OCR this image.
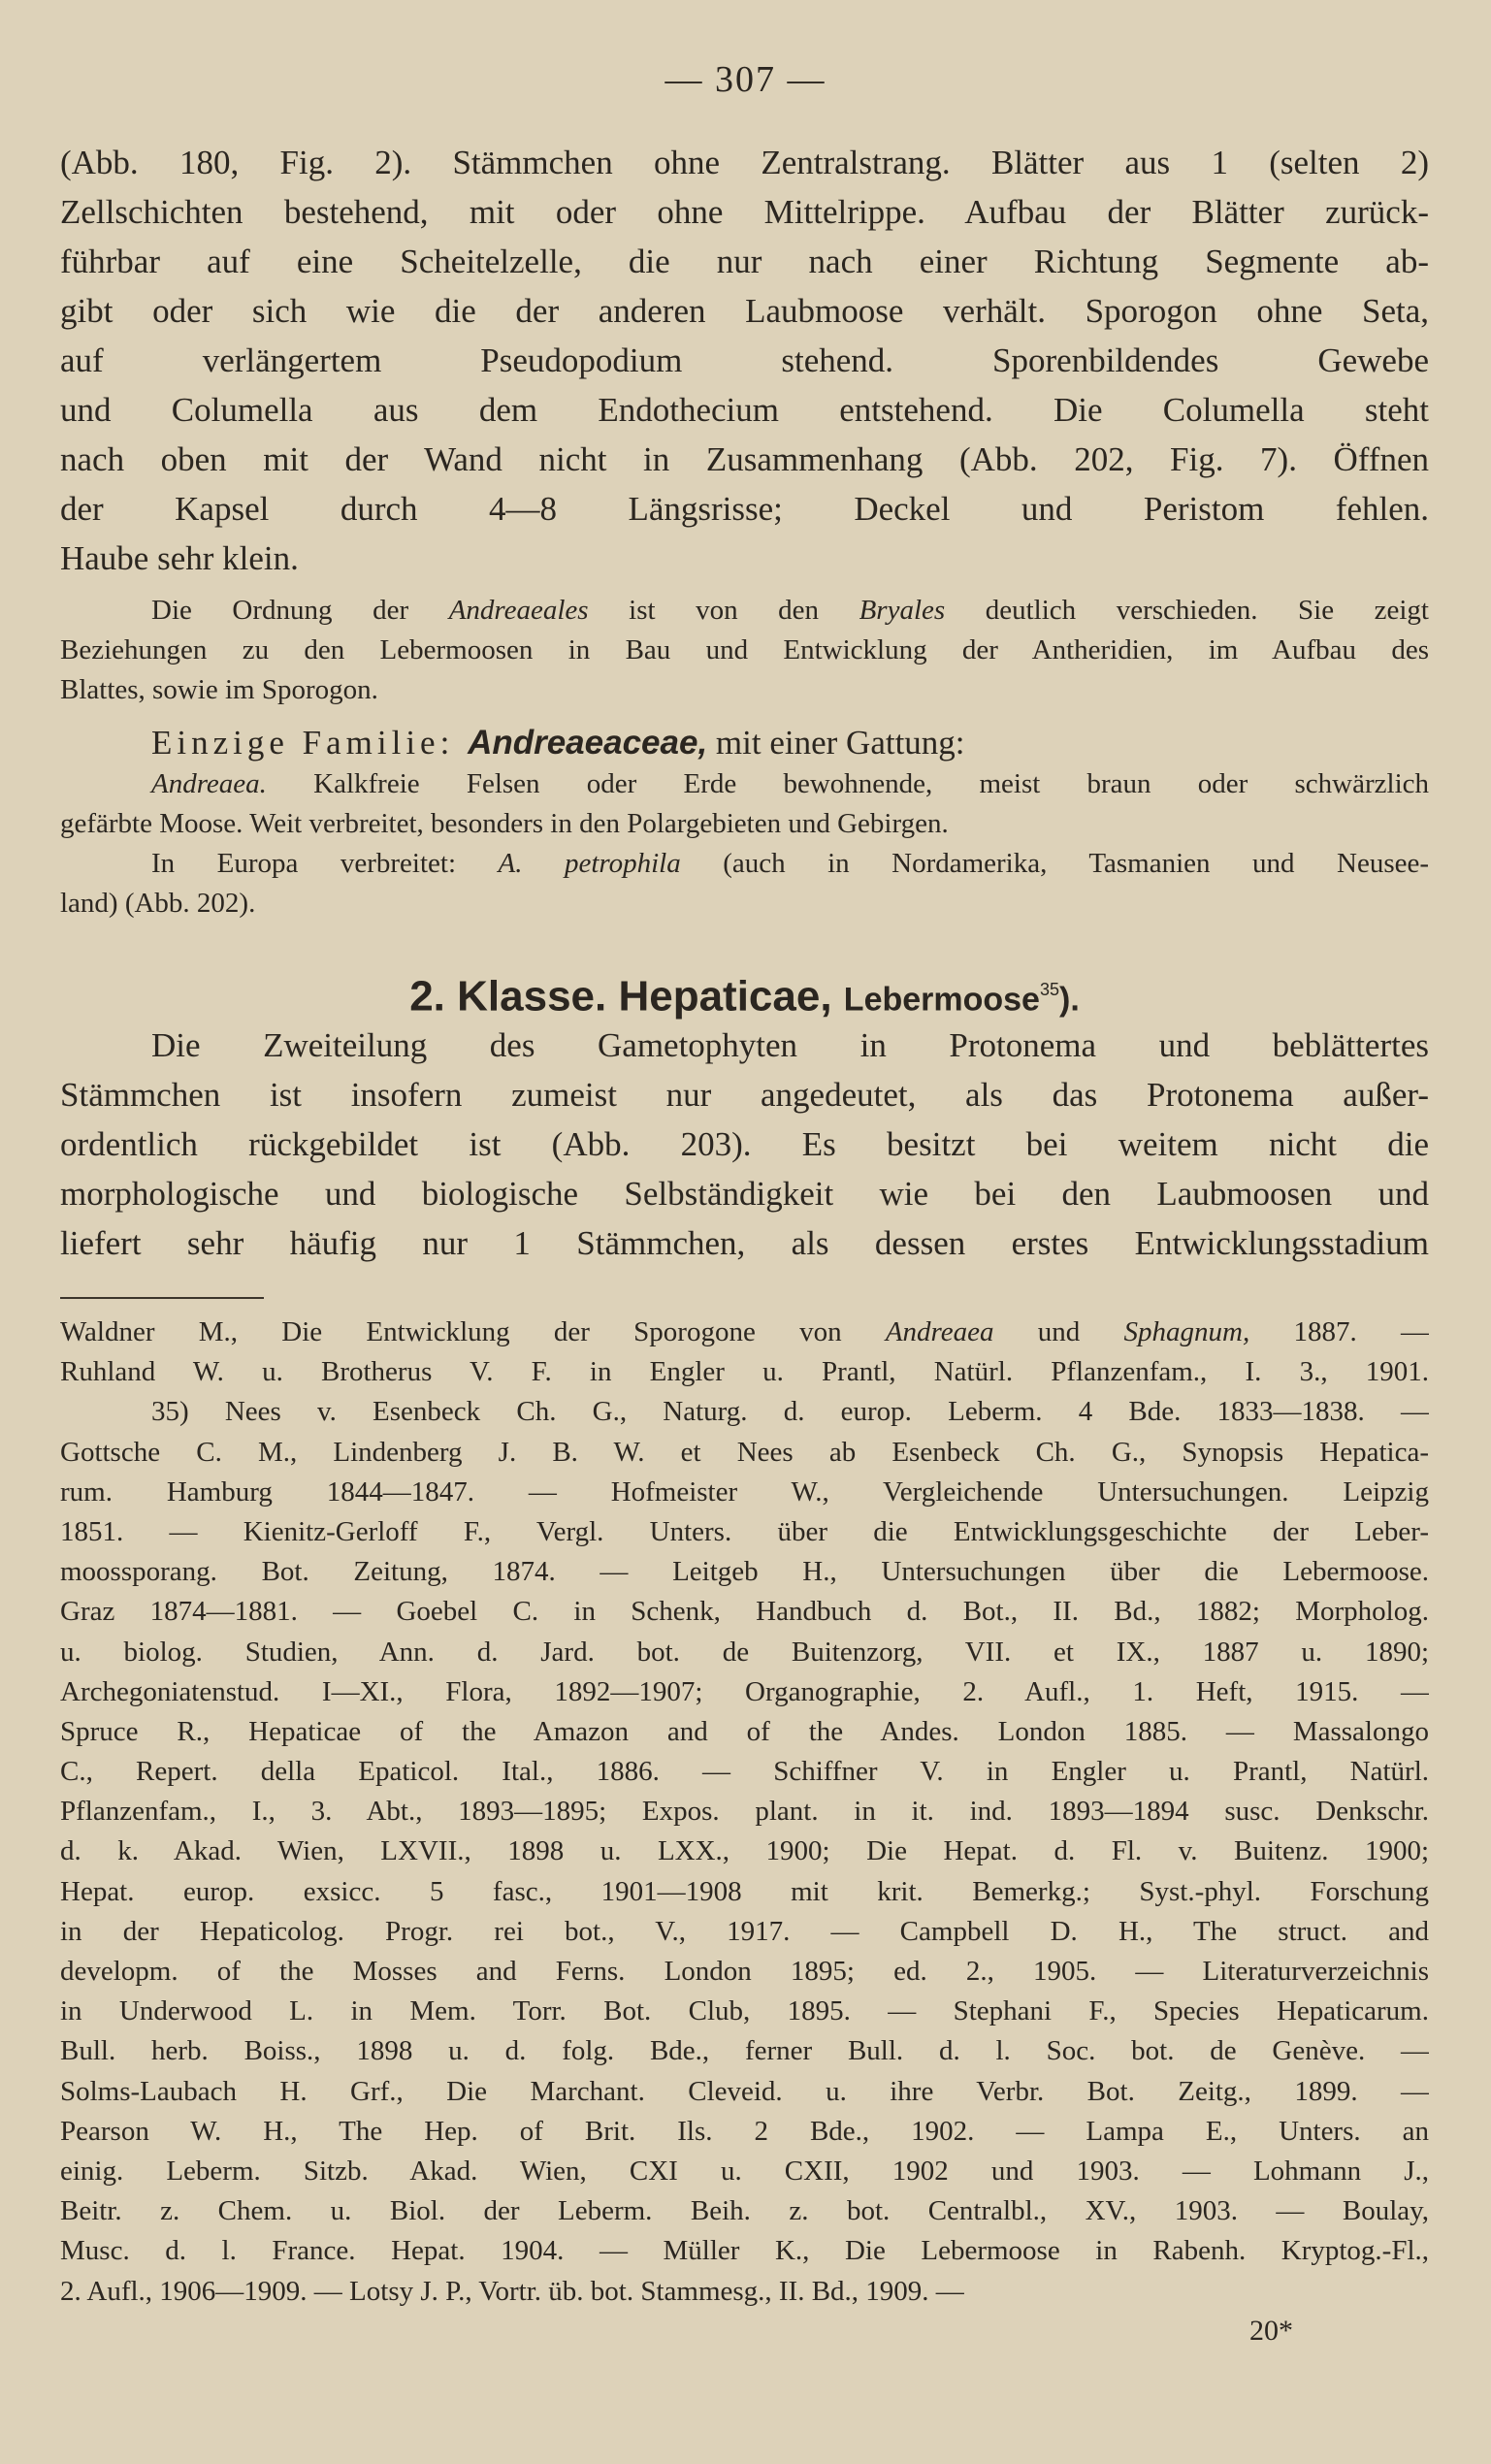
— 307 —
(Abb. 180, Fig. 2). Stämmchen ohne Zentralstrang. Blätter aus 1 (selten 2)
Zellschichten bestehend, mit oder ohne Mittelrippe. Aufbau der Blätter zurück-
führbar auf eine Scheitelzelle, die nur nach einer Richtung Segmente ab-
gibt oder sich wie die der anderen Laubmoose verhält. Sporogon ohne Seta,
auf verlängertem Pseudopodium stehend. Sporenbildendes Gewebe
und Columella aus dem Endothecium entstehend. Die Columella steht
nach oben mit der Wand nicht in Zusammenhang (Abb. 202, Fig. 7). Öffnen
der Kapsel durch 4—8 Längsrisse; Deckel und Peristom fehlen.
Haube sehr klein.
Die Ordnung der Andreaeales ist von den Bryales deutlich verschieden. Sie zeigt
Beziehungen zu den Lebermoosen in Bau und Entwicklung der Antheridien, im Aufbau des
Blattes, sowie im Sporogon.
Einzige Familie: Andreaeaceae, mit einer Gattung:
Andreaea. Kalkfreie Felsen oder Erde bewohnende, meist braun oder schwärzlich
gefärbte Moose. Weit verbreitet, besonders in den Polargebieten und Gebirgen.
In Europa verbreitet: A. petrophila (auch in Nordamerika, Tasmanien und Neusee-
land) (Abb. 202).
2. Klasse. Hepaticae, Lebermoose$^{35}$).
Die Zweiteilung des Gametophyten in Protonema und beblättertes
Stämmchen ist insofern zumeist nur angedeutet, als das Protonema außer-
ordentlich rückgebildet ist (Abb. 203). Es besitzt bei weitem nicht die
morphologische und biologische Selbständigkeit wie bei den Laubmoosen und
liefert sehr häufig nur 1 Stämmchen, als dessen erstes Entwicklungsstadium
Waldner M., Die Entwicklung der Sporogone von Andreaea und Sphagnum, 1887. —
Ruhland W. u. Brotherus V. F. in Engler u. Prantl, Natürl. Pflanzenfam., I. 3., 1901.
35) Nees v. Esenbeck Ch. G., Naturg. d. europ. Leberm. 4 Bde. 1833—1838. —
Gottsche C. M., Lindenberg J. B. W. et Nees ab Esenbeck Ch. G., Synopsis Hepatica-
rum. Hamburg 1844—1847. — Hofmeister W., Vergleichende Untersuchungen. Leipzig
1851. — Kienitz-Gerloff F., Vergl. Unters. über die Entwicklungsgeschichte der Leber-
moossporang. Bot. Zeitung, 1874. — Leitgeb H., Untersuchungen über die Lebermoose.
Graz 1874—1881. — Goebel C. in Schenk, Handbuch d. Bot., II. Bd., 1882; Morpholog.
u. biolog. Studien, Ann. d. Jard. bot. de Buitenzorg, VII. et IX., 1887 u. 1890;
Archegoniatenstud. I—XI., Flora, 1892—1907; Organographie, 2. Aufl., 1. Heft, 1915. —
Spruce R., Hepaticae of the Amazon and of the Andes. London 1885. — Massalongo
C., Repert. della Epaticol. Ital., 1886. — Schiffner V. in Engler u. Prantl, Natürl.
Pflanzenfam., I., 3. Abt., 1893—1895; Expos. plant. in it. ind. 1893—1894 susc. Denkschr.
d. k. Akad. Wien, LXVII., 1898 u. LXX., 1900; Die Hepat. d. Fl. v. Buitenz. 1900;
Hepat. europ. exsicc. 5 fasc., 1901—1908 mit krit. Bemerkg.; Syst.-phyl. Forschung
in der Hepaticolog. Progr. rei bot., V., 1917. — Campbell D. H., The struct. and
developm. of the Mosses and Ferns. London 1895; ed. 2., 1905. — Literaturverzeichnis
in Underwood L. in Mem. Torr. Bot. Club, 1895. — Stephani F., Species Hepaticarum.
Bull. herb. Boiss., 1898 u. d. folg. Bde., ferner Bull. d. l. Soc. bot. de Genève. —
Solms-Laubach H. Grf., Die Marchant. Cleveid. u. ihre Verbr. Bot. Zeitg., 1899. —
Pearson W. H., The Hep. of Brit. Ils. 2 Bde., 1902. — Lampa E., Unters. an
einig. Leberm. Sitzb. Akad. Wien, CXI u. CXII, 1902 und 1903. — Lohmann J.,
Beitr. z. Chem. u. Biol. der Leberm. Beih. z. bot. Centralbl., XV., 1903. — Boulay,
Musc. d. l. France. Hepat. 1904. — Müller K., Die Lebermoose in Rabenh. Kryptog.-Fl.,
2. Aufl., 1906—1909. — Lotsy J. P., Vortr. üb. bot. Stammesg., II. Bd., 1909. —
20*
